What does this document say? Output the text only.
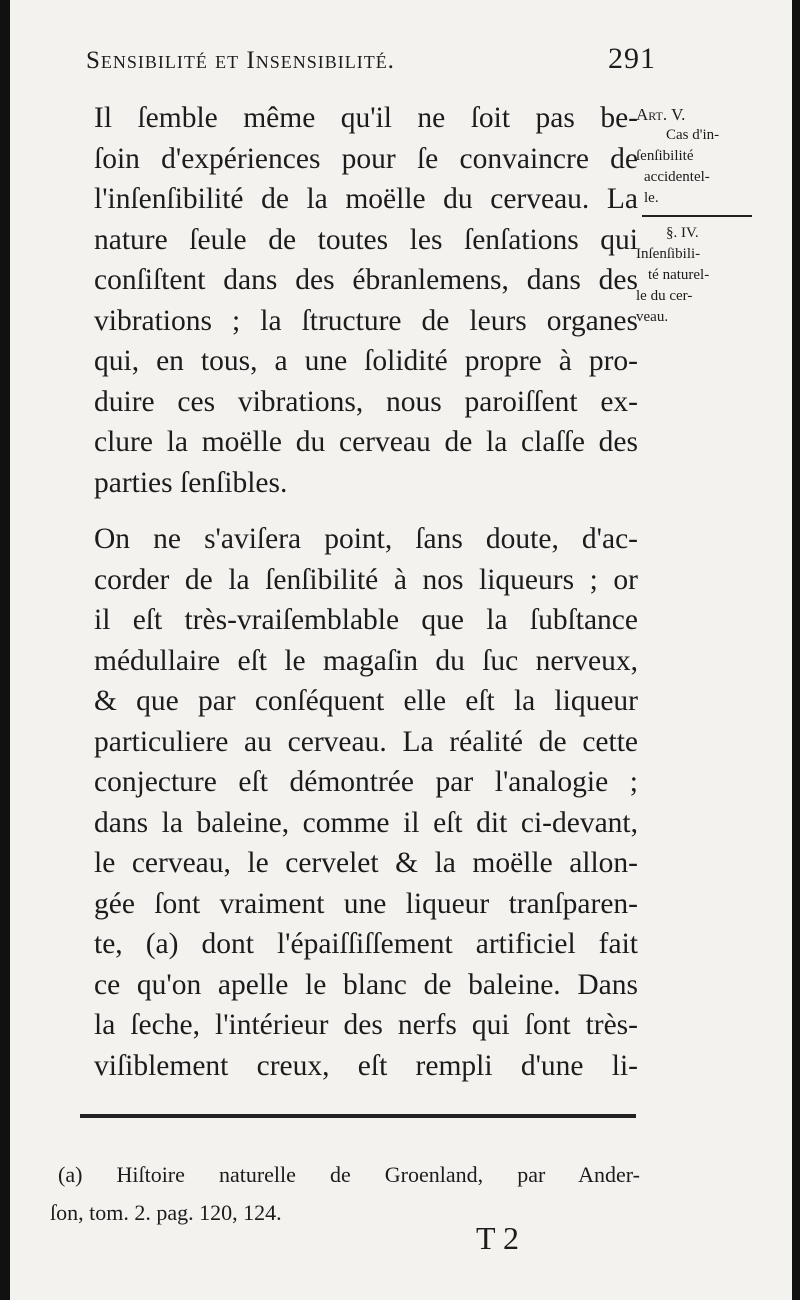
Sensibilité et Insensibilité.	291

Il ſemble même qu'il ne ſoit pas be-
ſoin d'expériences pour ſe convaincre de
l'inſenſibilité de la moëlle du cerveau. La
nature ſeule de toutes les ſenſations qui
conſiſtent dans des ébranlemens, dans des
vibrations ; la ſtructure de leurs organes
qui, en tous, a une ſolidité propre à pro-
duire ces vibrations, nous paroiſſent ex-
clure la moëlle du cerveau de la claſſe des
parties ſenſibles.

On ne s'aviſera point, ſans doute, d'ac-
corder de la ſenſibilité à nos liqueurs ; or
il eſt très-vraiſemblable que la ſubſtance
médullaire eſt le magaſin du ſuc nerveux,
& que par conſéquent elle eſt la liqueur
particuliere au cerveau. La réalité de cette
conjecture eſt démontrée par l'analogie ;
dans la baleine, comme il eſt dit ci-devant,
le cerveau, le cervelet & la moëlle allon-
gée ſont vraiment une liqueur tranſparen-
te, (a) dont l'épaiſſiſſement artificiel fait
ce qu'on apelle le blanc de baleine. Dans
la ſeche, l'intérieur des nerfs qui ſont très-
viſiblement creux, eſt rempli d'une li-

Art. V.
Cas d'in-
ſenſibilité
accidentel-
le.
§. IV.
Inſenſibili-
té naturel-
le du cer-
veau.
(a) Hiſtoire naturelle de Groenland, par Ander-
ſon, tom. 2. pag. 120, 124.
T 2
